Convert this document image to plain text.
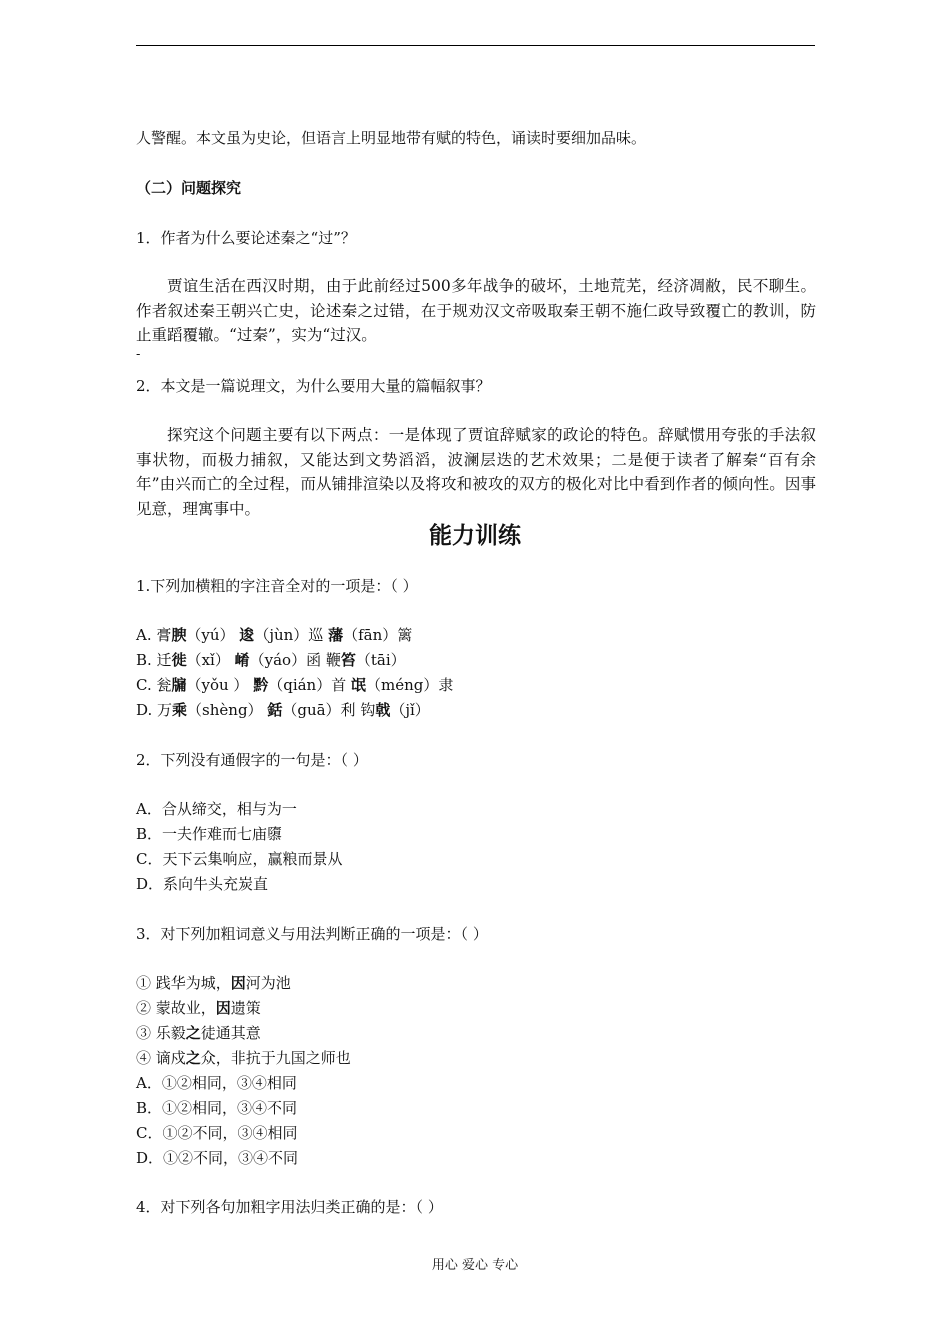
人警醒。本文虽为史论，但语言上明显地带有赋的特色，诵读时要细加品味。
（二）问题探究
1．作者为什么要论述秦之“过”？
贾谊生活在西汉时期，由于此前经过500多年战争的破坏，土地荒芜，经济凋敝，民不聊生。作者叙述秦王朝兴亡史，论述秦之过错，在于规劝汉文帝吸取秦王朝不施仁政导致覆亡的教训，防止重蹈覆辙。“过秦”，实为“过汉。
-
2．本文是一篇说理文，为什么要用大量的篇幅叙事？
探究这个问题主要有以下两点：一是体现了贾谊辞赋家的政论的特色。辞赋惯用夸张的手法叙事状物，而极力捕叙，又能达到文势滔滔，波澜层迭的艺术效果；二是便于读者了解秦“百有余年”由兴而亡的全过程，而从铺排渲染以及将攻和被攻的双方的极化对比中看到作者的倾向性。因事见意，理寓事中。
能力训练
1.下列加横粗的字注音全对的一项是：（ ）
A. 膏腴（yú） 逡（jùn）巡 藩（fān）篱
B. 迁徙（xǐ） 崤（yáo）函 鞭笞（tāi）
C. 瓮牖（yǒu ） 黔（qián）首 氓（méng）隶
D. 万乘（shèng） 銛（guā）利 钩戟（jǐ）
2．下列没有通假字的一句是：（ ）
A．合从缔交，相与为一
B．一夫作难而七庙隳
C．天下云集响应，赢粮而景从
D．系向牛头充炭直
3．对下列加粗词意义与用法判断正确的一项是：（ ）
① 践华为城，因河为池
② 蒙故业，因遗策
③ 乐毅之徒通其意
④ 谪戍之众，非抗于九国之师也
A．①②相同，③④相同
B．①②相同，③④不同
C．①②不同，③④相同
D．①②不同，③④不同
4．对下列各句加粗字用法归类正确的是：（ ）
用心 爱心 专心
